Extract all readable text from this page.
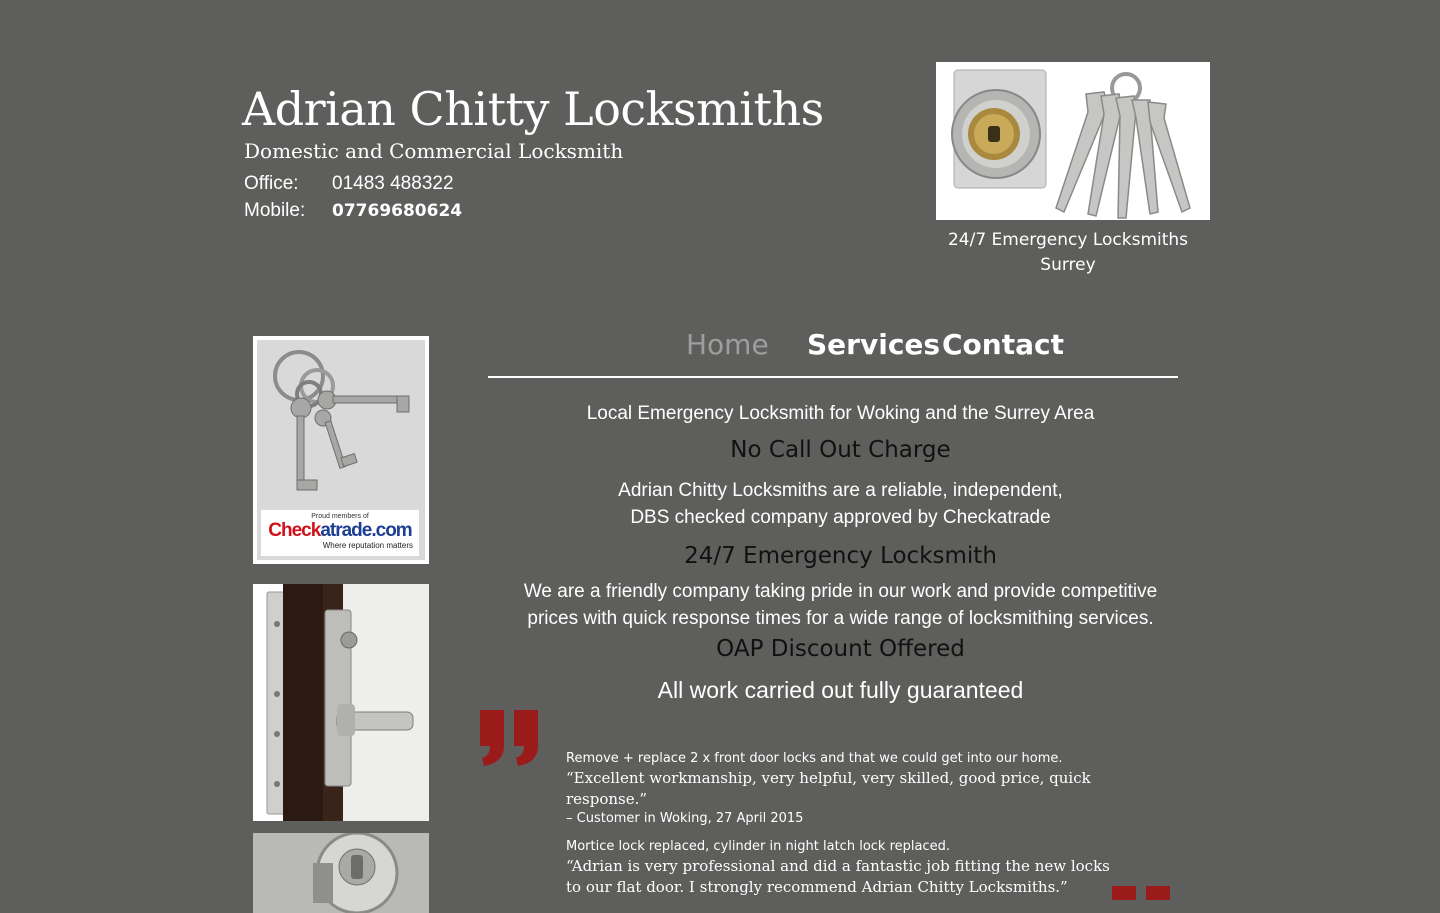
Adrian Chitty Locksmiths
Domestic and Commercial Locksmith
Office: 01483 488322
Mobile: 07769680624
24/7 Emergency Locksmiths
Surrey
Proud members of
Checkatrade.com
Where reputation matters
Home Services Contact
Local Emergency Locksmith for Woking and the Surrey Area
No Call Out Charge
Adrian Chitty Locksmiths are a reliable, independent,
DBS checked company approved by Checkatrade
24/7 Emergency Locksmith
We are a friendly company taking pride in our work and provide competitive
prices with quick response times for a wide range of locksmithing services.
OAP Discount Offered
All work carried out fully guaranteed
Remove + replace 2 x front door locks and that we could get into our home.
“Excellent workmanship, very helpful, very skilled, good price, quick response.”
– Customer in Woking, 27 April 2015
Mortice lock replaced, cylinder in night latch lock replaced.
“Adrian is very professional and did a fantastic job fitting the new locks to our flat door. I strongly recommend Adrian Chitty Locksmiths.”
